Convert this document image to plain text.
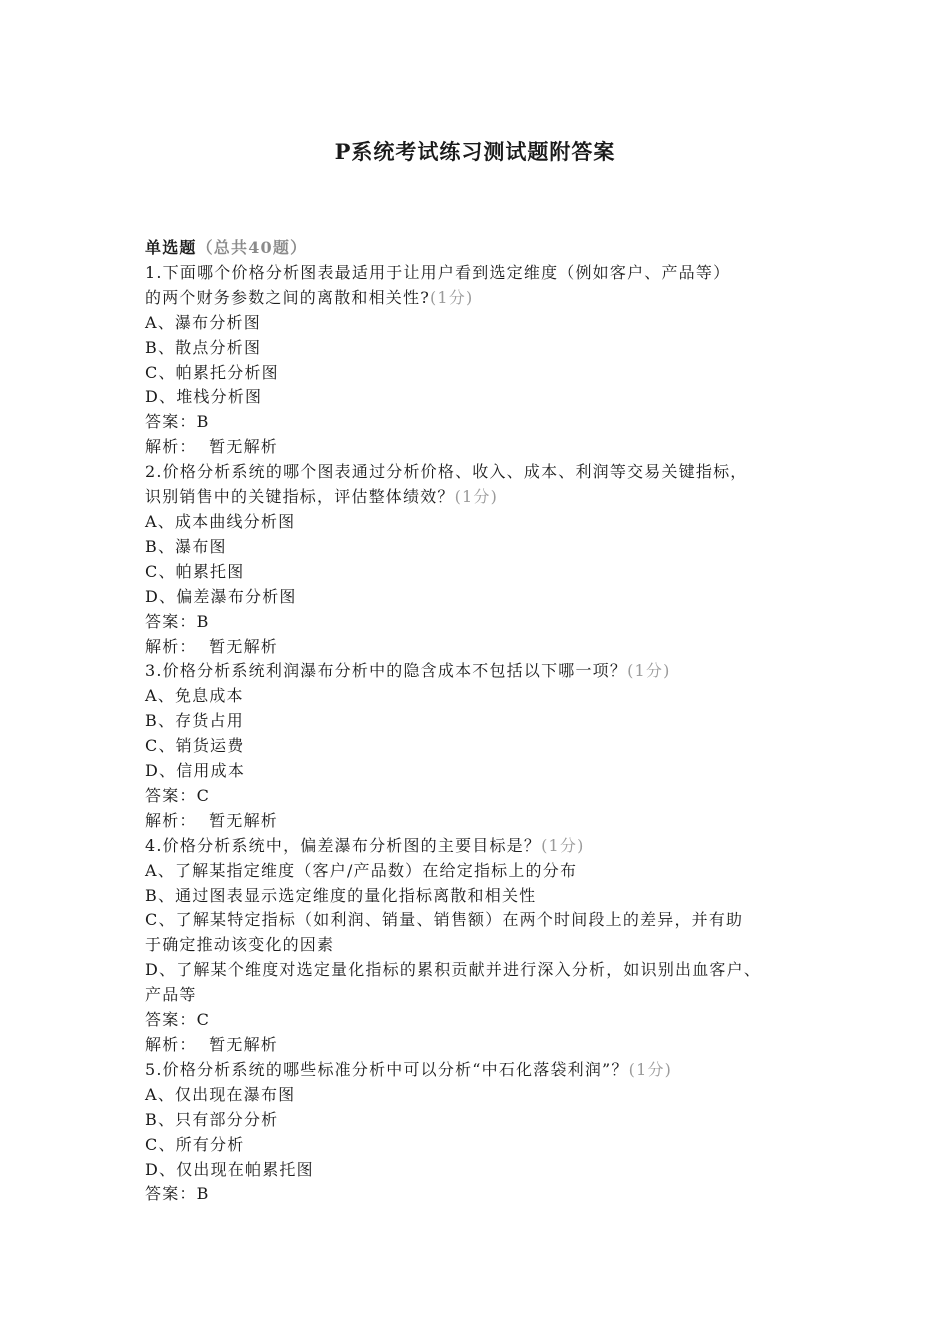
P系统考试练习测试题附答案
单选题（总共40题）
1.下面哪个价格分析图表最适用于让用户看到选定维度（例如客户、产品等）
的两个财务参数之间的离散和相关性?(1分)
A、瀑布分析图
B、散点分析图
C、帕累托分析图
D、堆栈分析图
答案：B
解析：  暂无解析
2.价格分析系统的哪个图表通过分析价格、收入、成本、利润等交易关键指标，
识别销售中的关键指标，评估整体绩效？(1分)
A、成本曲线分析图
B、瀑布图
C、帕累托图
D、偏差瀑布分析图
答案：B
解析：  暂无解析
3.价格分析系统利润瀑布分析中的隐含成本不包括以下哪一项？(1分)
A、免息成本
B、存货占用
C、销货运费
D、信用成本
答案：C
解析：  暂无解析
4.价格分析系统中，偏差瀑布分析图的主要目标是？(1分)
A、了解某指定维度（客户/产品数）在给定指标上的分布
B、通过图表显示选定维度的量化指标离散和相关性
C、了解某特定指标（如利润、销量、销售额）在两个时间段上的差异，并有助
于确定推动该变化的因素
D、了解某个维度对选定量化指标的累积贡献并进行深入分析，如识别出血客户、
产品等
答案：C
解析：  暂无解析
5.价格分析系统的哪些标准分析中可以分析“中石化落袋利润”？(1分)
A、仅出现在瀑布图
B、只有部分分析
C、所有分析
D、仅出现在帕累托图
答案：B
